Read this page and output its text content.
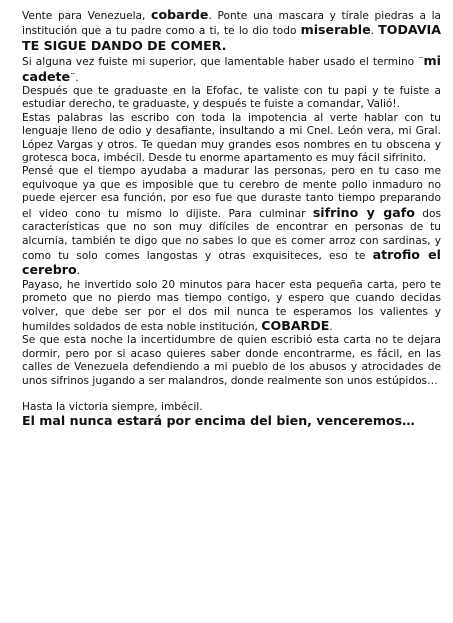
Vente para Venezuela, cobarde. Ponte una mascara y tírale piedras a la institución que a tu padre como a ti, te lo dio todo miserable. TODAVIA TE SIGUE DANDO DE COMER.

Si alguna vez fuiste mi superior, que lamentable haber usado el termino ¨mi cadete¨.

Después que te graduaste en la Efofac, te valiste con tu papi y te fuiste a estudiar derecho, te graduaste, y después te fuiste a comandar, Valió!.

Estas palabras las escribo con toda la impotencia al verte hablar con tu lenguaje lleno de odio y desafiante, insultando a mi Cnel. León vera, mi Gral. López Vargas y otros. Te quedan muy grandes esos nombres en tu obscena y grotesca boca, imbécil. Desde tu enorme apartamento es muy fácil sifrinito.

Pensé que el tiempo ayudaba a madurar las personas, pero en tu caso me equivoque ya que es imposible que tu cerebro de mente pollo inmaduro no puede ejercer esa función, por eso fue que duraste tanto tiempo preparando el video cono tu mismo lo dijiste. Para culminar sifrino y gafo dos características que no son muy difíciles de encontrar en personas de tu alcurnia, también te digo que no sabes lo que es comer arroz con sardinas, y como tu solo comes langostas y otras exquisiteces, eso te atrofio el cerebro.

Payaso, he invertido solo 20 minutos para hacer esta pequeña carta, pero te prometo que no pierdo mas tiempo contigo, y espero que cuando decidas volver, que debe ser por el dos mil nunca te esperamos los valientes y humildes soldados de esta noble institución, COBARDE.

Se que esta noche la incertidumbre de quien escribió esta carta no te dejara dormir, pero por si acaso quieres saber donde encontrarme, es fácil, en las calles de Venezuela defendiendo a mi pueblo de los abusos y atrocidades de unos sifrinos jugando a ser malandros, donde realmente son unos estúpidos…

Hasta la victoria siempre, imbécil.

El mal nunca estará por encima del bien, venceremos…
